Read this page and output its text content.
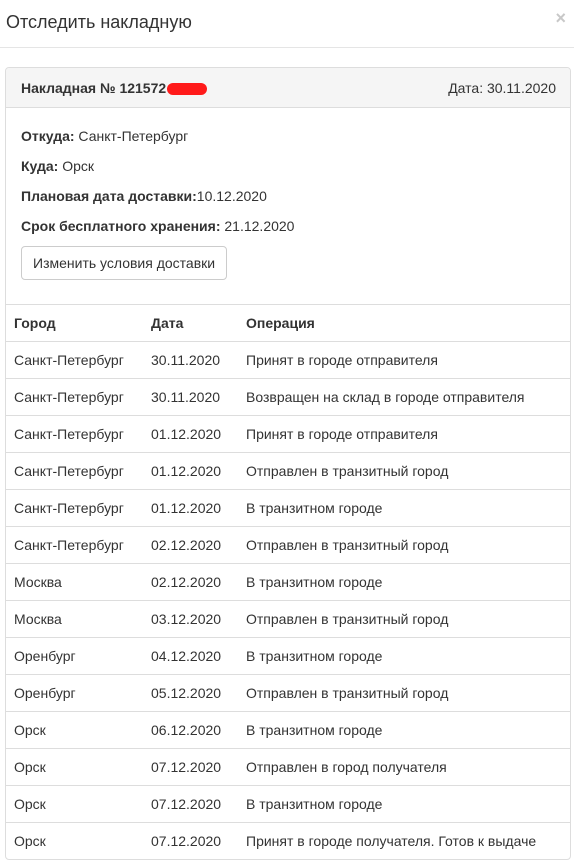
Отследить накладную	×
Накладная № 121572	Дата: 30.11.2020
Откуда: Санкт-Петербург
Куда: Орск
Плановая дата доставки:10.12.2020
Срок бесплатного хранения: 21.12.2020
Изменить условия доставки
Город	Дата	Операция
Санкт-Петербург	30.11.2020	Принят в городе отправителя
Санкт-Петербург	30.11.2020	Возвращен на склад в городе отправителя
Санкт-Петербург	01.12.2020	Принят в городе отправителя
Санкт-Петербург	01.12.2020	Отправлен в транзитный город
Санкт-Петербург	01.12.2020	В транзитном городе
Санкт-Петербург	02.12.2020	Отправлен в транзитный город
Москва	02.12.2020	В транзитном городе
Москва	03.12.2020	Отправлен в транзитный город
Оренбург	04.12.2020	В транзитном городе
Оренбург	05.12.2020	Отправлен в транзитный город
Орск	06.12.2020	В транзитном городе
Орск	07.12.2020	Отправлен в город получателя
Орск	07.12.2020	В транзитном городе
Орск	07.12.2020	Принят в городе получателя. Готов к выдаче
